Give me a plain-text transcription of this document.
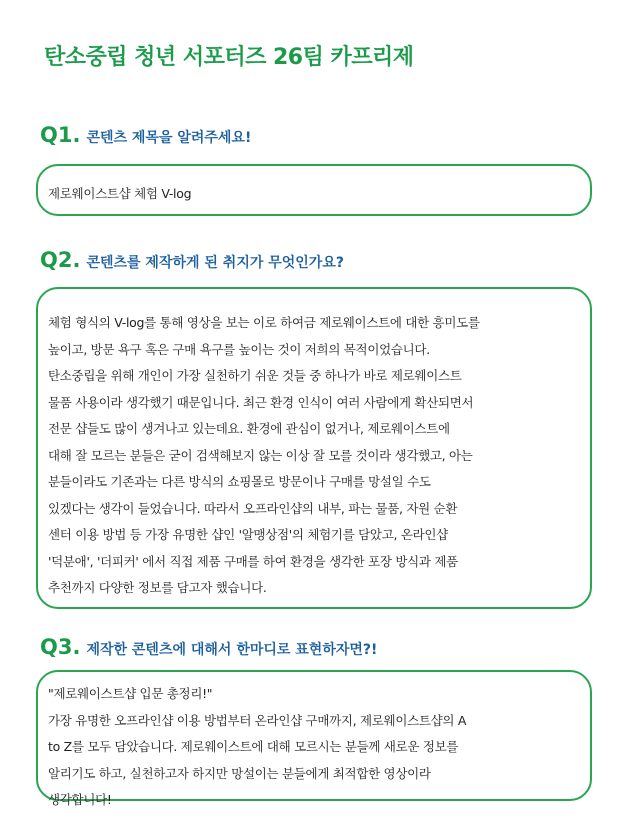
탄소중립 청년 서포터즈 26팀 카프리제
Q1. 콘텐츠 제목을 알려주세요!

제로웨이스트샵 체험 V-log

Q2. 콘텐츠를 제작하게 된 취지가 무엇인가요?

체험 형식의 V-log를 통해 영상을 보는 이로 하여금 제로웨이스트에 대한 흥미도를

높이고, 방문 욕구 혹은 구매 욕구를 높이는 것이 저희의 목적이었습니다.

탄소중립을 위해 개인이 가장 실천하기 쉬운 것들 중 하나가 바로 제로웨이스트

물품 사용이라 생각했기 때문입니다. 최근 환경 인식이 여러 사람에게 확산되면서

전문 샵들도 많이 생겨나고 있는데요. 환경에 관심이 없거나, 제로웨이스트에

대해 잘 모르는 분들은 굳이 검색해보지 않는 이상 잘 모를 것이라 생각했고, 아는

분들이라도 기존과는 다른 방식의 쇼핑몰로 방문이나 구매를 망설일 수도

있겠다는 생각이 들었습니다. 따라서 오프라인샵의 내부, 파는 물품, 자원 순환

센터 이용 방법 등 가장 유명한 샵인 '알맹상점'의 체험기를 담았고, 온라인샵

'덕분애', '더피커' 에서 직접 제품 구매를 하여 환경을 생각한 포장 방식과 제품

추천까지 다양한 정보를 담고자 했습니다.

Q3. 제작한 콘텐츠에 대해서 한마디로 표현하자면?!

"제로웨이스트샵 입문 총정리!"

가장 유명한 오프라인샵 이용 방법부터 온라인샵 구매까지, 제로웨이스트샵의 A

to Z를 모두 담았습니다. 제로웨이스트에 대해 모르시는 분들께 새로운 정보를

알리기도 하고, 실천하고자 하지만 망설이는 분들에게 최적합한 영상이라

생각합니다!
